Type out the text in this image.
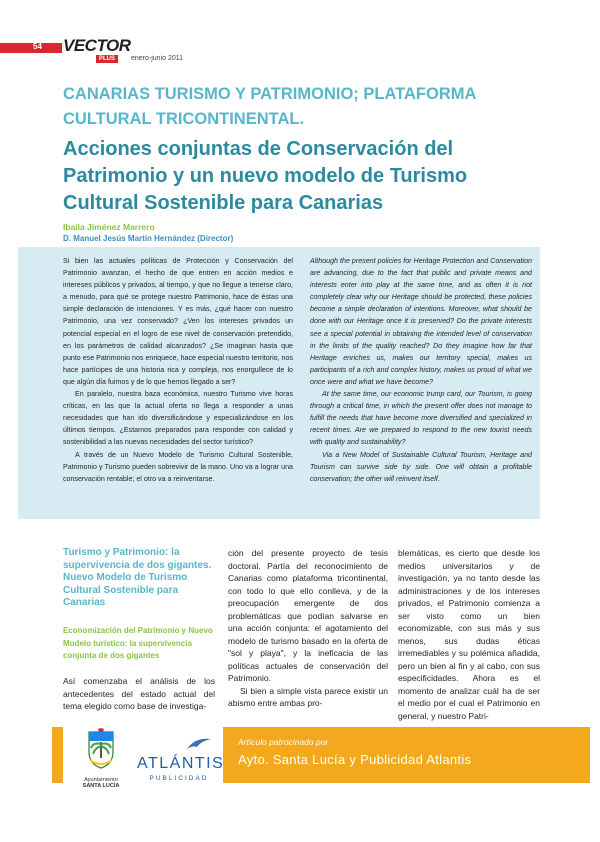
54 VECTOR
PLUS	enero-junio 2011
CANARIAS TURISMO Y PATRIMONIO; PLATAFORMA CULTURAL TRICONTINENTAL.
Acciones conjuntas de Conservación del Patrimonio y un nuevo modelo de Turismo Cultural Sostenible para Canarias
Ibaila Jiménez Marrero
D. Manuel Jesús Martín Hernández (Director)

Si bien las actuales políticas de Protección y Conservación del Patrimonio avanzan, el hecho de que entren en acción medios e intereses públicos y privados, al tiempo, y que no llegue a tenerse claro, a menudo, para qué se protege nuestro Patrimonio, hace de éstas una simple declaración de intenciones. Y es más, ¿qué hacer con nuestro Patrimonio, una vez conservado? ¿Ven los intereses privados un potencial especial en el logro de ese nivel de conservación pretendido, en los parámetros de calidad alcanzados? ¿Se imaginan hasta que punto ese Patrimonio nos enriquece, hace especial nuestro territorio, nos hace partícipes de una historia rica y compleja, nos enorgullece de lo que algún día fuimos y de lo que hemos llegado a ser?

En paralelo, nuestra baza económica, nuestro Turismo vive horas críticas, en las que la actual oferta no llega a responder a unas necesidades que han ido diversificándose y especializándose en los últimos tiempos. ¿Estamos preparados para responder con calidad y sostenibilidad a las nuevas necesidades del sector turístico?

A través de un Nuevo Modelo de Turismo Cultural Sostenible, Patrimonio y Turismo pueden sobrevivir de la mano. Uno va a lograr una conservación rentable; el otro va a reinventarse.

Although the present policies for Heritage Protection and Conservation are advancing, due to the fact that public and private means and interests enter into play at the same time, and as often it is not completely clear why our Heritage should be protected, these policies become a simple declaration of intentions. Moreover, what should be done with our Heritage once it is preserved? Do the private interests see a special potential in obtaining the intended level of conservation in the limits of the quality reached? Do they imagine how far that Heritage enriches us, makes our territory special, makes us participants of a rich and complex history, makes us proud of what we once were and what we have become?

At the same time, our economic trump card, our Tourism, is going through a critical time, in which the present offer does not manage to fulfill the needs that have become more diversified and specialized in recent times. Are we prepared to respond to the new tourist needs with quality and sustainability?

Via a New Model of Sustainable Cultural Tourism, Heritage and Tourism can survive side by side. One will obtain a profitable conservation; the other will reinvent itself.

Turismo y Patrimonio: la supervivencia de dos gigantes. Nuevo Modelo de Turismo Cultural Sostenible para Canarias
Economización del Patrimonio y Nuevo Modelo turístico: la supervivencia conjunta de dos gigantes

Así comenzaba el análisis de los antecedentes del estado actual del tema elegido como base de investiga-

ción del presente proyecto de tesis doctoral. Partía del reconocimiento de Canarias como plataforma tricontinental, con todo lo que ello conlleva, y de la preocupación emergente de dos problemáticas que podían salvarse en una acción conjunta: el agotamiento del modelo de turismo basado en la oferta de "sol y playa", y la ineficacia de las políticas actuales de conservación del Patrimonio.

Si bien a simple vista parece existir un abismo entre ambas pro-

blemáticas, es cierto que desde los medios universitarios y de investigación, ya no tanto desde las administraciones y de los intereses privados, el Patrimonio comienza a ser visto como un bien economizable, con sus más y sus menos, sus dudas éticas irremediables y su polémica añadida, pero un bien al fin y al cabo, con sus especificidades. Ahora es el momento de analizar cuál ha de ser el medio por el cual el Patrimonio en general, y nuestro Patri-

Ayuntamiento
SANTA LUCÍA
ATLÁNTIS
PUBLICIDAD
Artículo patrocinado por
Ayto. Santa Lucía y Publicidad Atlantis
